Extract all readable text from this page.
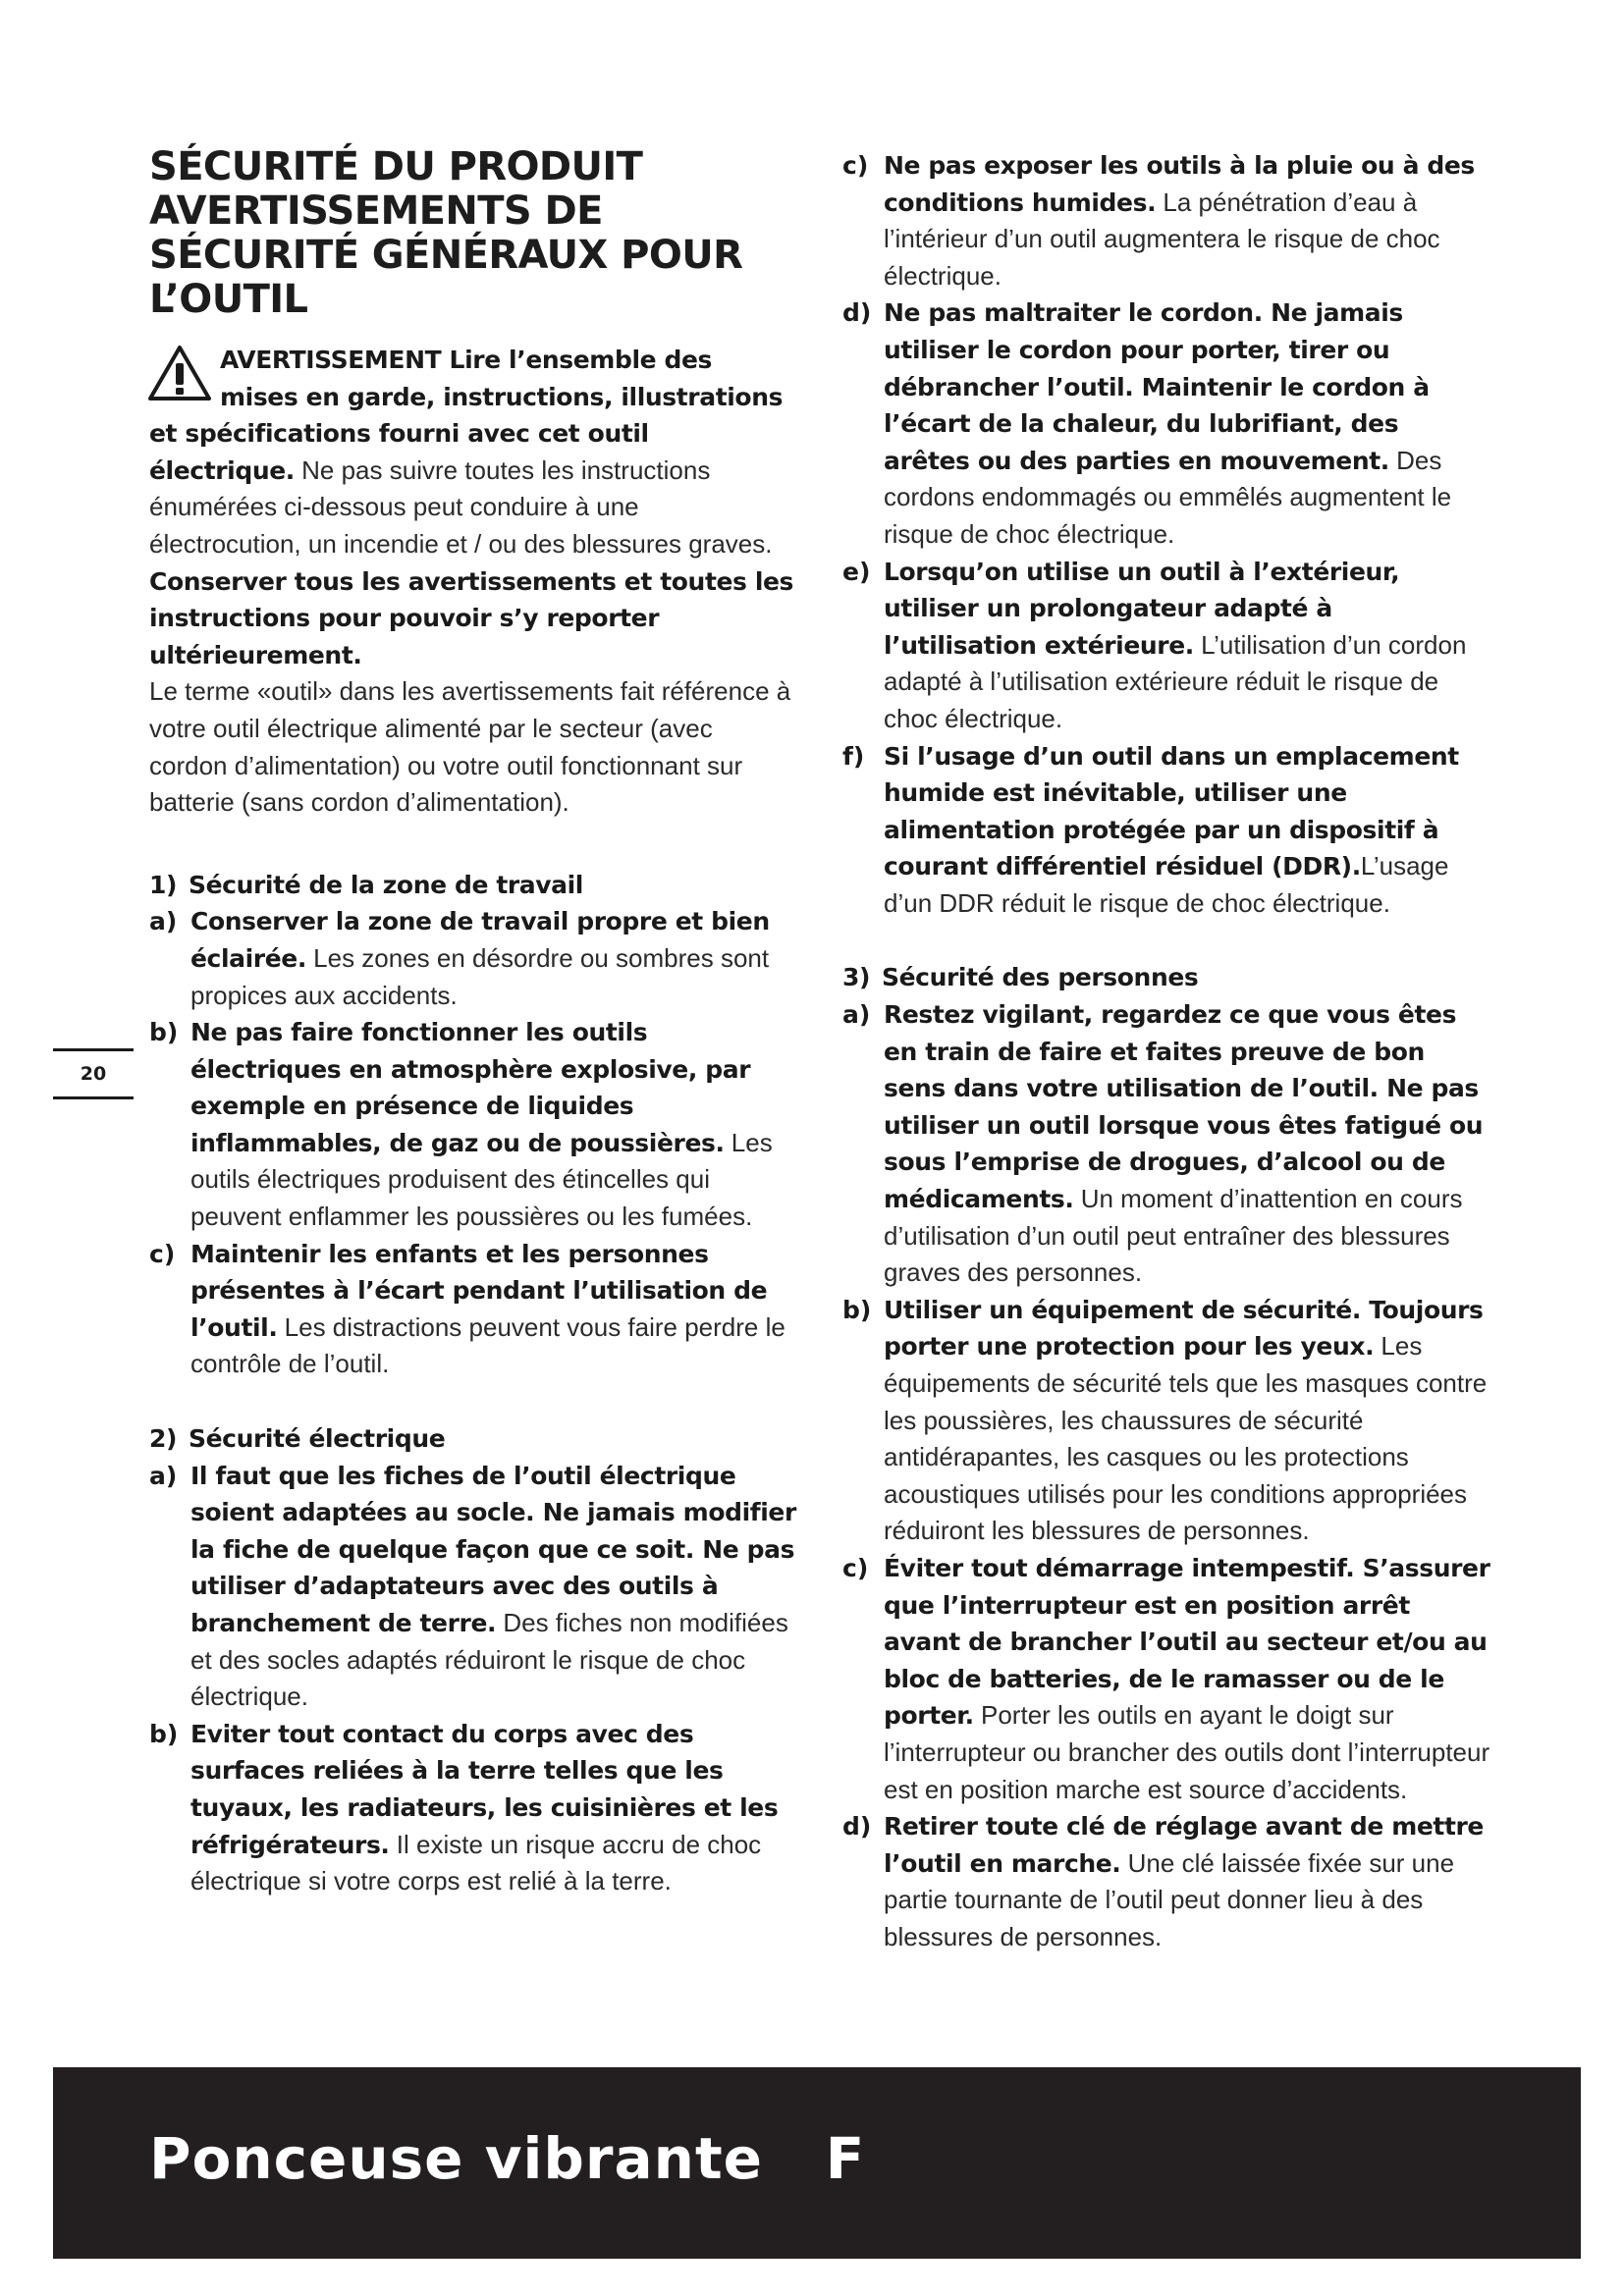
SÉCURITÉ DU PRODUIT
AVERTISSEMENTS DE
SÉCURITÉ GÉNÉRAUX POUR
L’OUTIL
AVERTISSEMENT Lire l’ensemble des mises en garde, instructions, illustrations et spécifications fourni avec cet outil électrique. Ne pas suivre toutes les instructions énumérées ci-dessous peut conduire à une électrocution, un incendie et / ou des blessures graves.

Conserver tous les avertissements et toutes les instructions pour pouvoir s’y reporter ultérieurement.

Le terme «outil» dans les avertissements fait référence à votre outil électrique alimenté par le secteur (avec cordon d’alimentation) ou votre outil fonctionnant sur batterie (sans cordon d’alimentation).

1) Sécurité de la zone de travail
a) Conserver la zone de travail propre et bien éclairée. Les zones en désordre ou sombres sont propices aux accidents.
b) Ne pas faire fonctionner les outils électriques en atmosphère explosive, par exemple en présence de liquides inflammables, de gaz ou de poussières. Les outils électriques produisent des étincelles qui peuvent enflammer les poussières ou les fumées.
c) Maintenir les enfants et les personnes présentes à l’écart pendant l’utilisation de l’outil. Les distractions peuvent vous faire perdre le contrôle de l’outil.
2) Sécurité électrique
a) Il faut que les fiches de l’outil électrique soient adaptées au socle. Ne jamais modifier la fiche de quelque façon que ce soit. Ne pas utiliser d’adaptateurs avec des outils à branchement de terre. Des fiches non modifiées et des socles adaptés réduiront le risque de choc électrique.
b) Eviter tout contact du corps avec des surfaces reliées à la terre telles que les tuyaux, les radiateurs, les cuisinières et les réfrigérateurs. Il existe un risque accru de choc électrique si votre corps est relié à la terre.
c) Ne pas exposer les outils à la pluie ou à des conditions humides. La pénétration d’eau à l’intérieur d’un outil augmentera le risque de choc électrique.
d) Ne pas maltraiter le cordon. Ne jamais utiliser le cordon pour porter, tirer ou débrancher l’outil. Maintenir le cordon à l’écart de la chaleur, du lubrifiant, des arêtes ou des parties en mouvement. Des cordons endommagés ou emmêlés augmentent le risque de choc électrique.
e) Lorsqu’on utilise un outil à l’extérieur, utiliser un prolongateur adapté à l’utilisation extérieure. L’utilisation d’un cordon adapté à l’utilisation extérieure réduit le risque de choc électrique.
f) Si l’usage d’un outil dans un emplacement humide est inévitable, utiliser une alimentation protégée par un dispositif à courant différentiel résiduel (DDR).L’usage d’un DDR réduit le risque de choc électrique.
3) Sécurité des personnes
a) Restez vigilant, regardez ce que vous êtes en train de faire et faites preuve de bon sens dans votre utilisation de l’outil. Ne pas utiliser un outil lorsque vous êtes fatigué ou sous l’emprise de drogues, d’alcool ou de médicaments. Un moment d’inattention en cours d’utilisation d’un outil peut entraîner des blessures graves des personnes.
b) Utiliser un équipement de sécurité. Toujours porter une protection pour les yeux. Les équipements de sécurité tels que les masques contre les poussières, les chaussures de sécurité antidérapantes, les casques ou les protections acoustiques utilisés pour les conditions appropriées réduiront les blessures de personnes.
c) Éviter tout démarrage intempestif. S’assurer que l’interrupteur est en position arrêt avant de brancher l’outil au secteur et/ou au bloc de batteries, de le ramasser ou de le porter. Porter les outils en ayant le doigt sur l’interrupteur ou brancher des outils dont l’interrupteur est en position marche est source d’accidents.
d) Retirer toute clé de réglage avant de mettre l’outil en marche. Une clé laissée fixée sur une partie tournante de l’outil peut donner lieu à des blessures de personnes.
20
Ponceuse vibrante   F
